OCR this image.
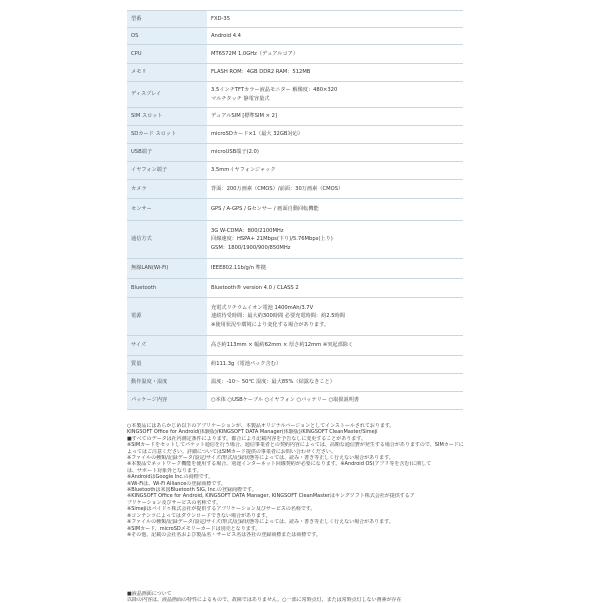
型番	FXD-35

OS	Android 4.4

CPU	MT6572M 1.0GHz（デュアルコア）

メモリ	FLASH ROM：4GB DDR2 RAM：512MB

ディスプレイ	3.5インチTFTカラー液晶モニター 解像度：480×320
マルチタッチ 静電容量式

SIM スロット	デュアルSIM [標準SIM × 2]

SDカード スロット	microSDカード×1（最大 32GB対応）

USB端子	microUSB端子(2.0)

イヤフォン端子	3.5mmイヤフォンジャック

カメラ	背面：200万画素（CMOS）/前面：30万画素（CMOS）

センサー	GPS / A-GPS / Gセンサー / 画面自動回転機能

通信方式	3G W-CDMA：800/2100MHz
回線速度：HSPA+ 21Mbps(下り)/5.76Mbps(上り)
GSM：1800/1900/900/850MHz

無線LAN(Wi-Fi)	IEEE802.11b/g/n 準拠

Bluetooth	Bluetooth® version 4.0 / CLASS 2

電源	充電式リチウムイオン電池 1400mAh/3.7V
連続待受時間：最大約300時間 必要充電時間：約2.5時間
※使用状況や環境により変化する場合があります。

サイズ	高さ約113mm × 幅約62mm × 厚さ約12mm ※突起部除く

質量	約111.3g（電池パック含む）

動作温度・湿度	温度：-10〜 50℃ 湿度：最大85%（結露なきこと）

パッケージ内容	○本体 ○USBケーブル ○イヤフォン ○バッテリー ○取扱説明書

○本製品にはあらかじめ以下のアプリケーションが、本製品オリジナルバージョンとしてインストールされております。

KINGSOFT Office for Android(体験版)/KINGSOFT DATA Manager(体験版)/KINGSOFT CleanMaster/Simeji

■すべてのデータは社内測定条件によります。都合により記載内容を予告なしに変更することがあります。

※SIMカードをセットしてパケット通信を行う場合、通信事業者との契約内容によっては、高額な通信費が発生する場合がありますので、SIMカードに

よってはご注意ください。詳細についてはSIMカード提供の事業者にお問い合わせください。

※ファイルの種類/記録データ/設定/サイズ/形式/記録状態等によっては、読み・書き等正しく行えない場合があります。

※本製品でネットワーク機能を使用する場合、別途インターネット回線契約が必要になります。※Android OS(アプリ等を含む)に関して

は、サポート対象外となります。

※AndroidはGoogle Inc.の商標です。

※Wi-Fiは、Wi-Fi Allianceの登録商標です。

※Bluetoothは米国Bluetooth SIG, Inc.の登録商標です。

※KINGSOFT Office for Android, KINGSOFT DATA Manager, KINGSOFT CleanMasterはキングソフト株式会社が提供するア

プリケーション及びサービスの名称です。

※Simejiはバイドゥ株式会社が提供するアプリケーション及びサービスの名称です。

※コンテンツによってはダウンロードできない場合があります。

※ファイルの種類/記録データ/設定/サイズ/形式/記録状態等によっては、読み・書き等正しく行えない場合があります。

※SIMカード、microSDメモリーカードは別売となります。

※その他、記載の会社名および製品名・サービス名は各社の登録商標または商標です。

■液晶画面について
以降の内容は、液晶画面の特性によるもので、故障ではありません。○一部に常時点灯、または常時点灯しない画素が存在
